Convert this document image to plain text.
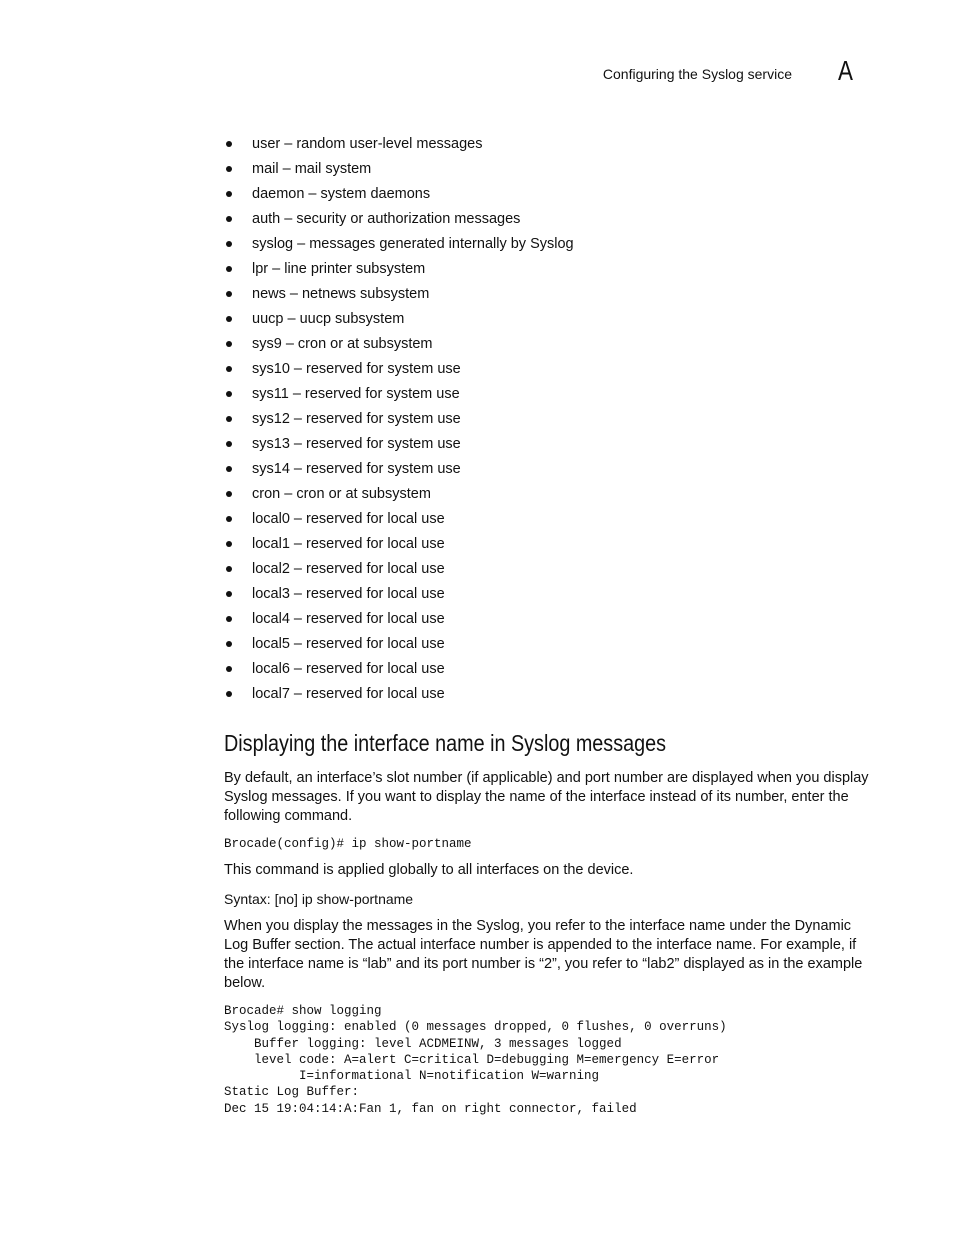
Configuring the Syslog service A
user – random user-level messages
mail – mail system
daemon – system daemons
auth – security or authorization messages
syslog – messages generated internally by Syslog
lpr – line printer subsystem
news – netnews subsystem
uucp – uucp subsystem
sys9 – cron or at subsystem
sys10 – reserved for system use
sys11 – reserved for system use
sys12 – reserved for system use
sys13 – reserved for system use
sys14 – reserved for system use
cron – cron or at subsystem
local0 – reserved for local use
local1 – reserved for local use
local2 – reserved for local use
local3 – reserved for local use
local4 – reserved for local use
local5 – reserved for local use
local6 – reserved for local use
local7 – reserved for local use
Displaying the interface name in Syslog messages

By default, an interface’s slot number (if applicable) and port number are displayed when you display Syslog messages. If you want to display the name of the interface instead of its number, enter the following command.

Brocade(config)# ip show-portname

This command is applied globally to all interfaces on the device.

Syntax: [no] ip show-portname

When you display the messages in the Syslog, you refer to the interface name under the Dynamic Log Buffer section. The actual interface number is appended to the interface name. For example, if the interface name is “lab” and its port number is “2”, you refer to “lab2” displayed as in the example below.

Brocade# show logging
Syslog logging: enabled (0 messages dropped, 0 flushes, 0 overruns)
Buffer logging: level ACDMEINW, 3 messages logged
level code: A=alert C=critical D=debugging M=emergency E=error
I=informational N=notification W=warning
Static Log Buffer:
Dec 15 19:04:14:A:Fan 1, fan on right connector, failed
